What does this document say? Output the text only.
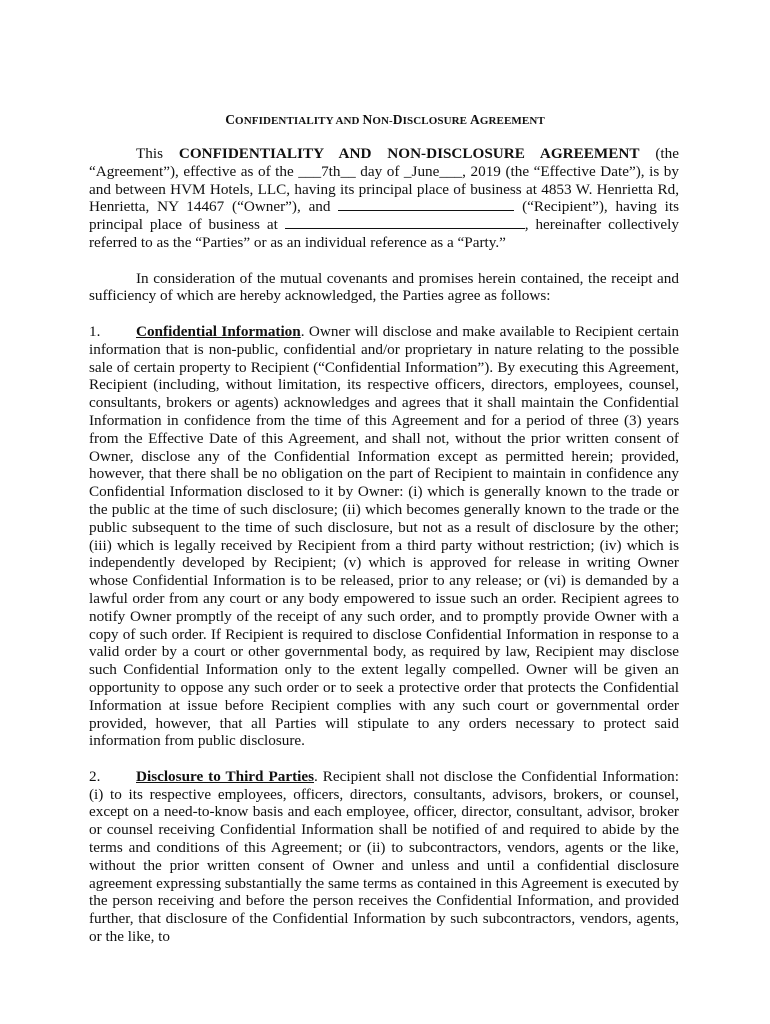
CONFIDENTIALITY AND NON-DISCLOSURE AGREEMENT

This CONFIDENTIALITY AND NON-DISCLOSURE AGREEMENT (the “Agreement”), effective as of the ___7th__ day of _June___, 2019 (the “Effective Date”), is by and between HVM Hotels, LLC, having its principal place of business at 4853 W. Henrietta Rd, Henrietta, NY 14467 (“Owner”), and	(“Recipient”), having its principal place of business at	, hereinafter collectively referred to as the “Parties” or as an individual reference as a “Party.”

In consideration of the mutual covenants and promises herein contained, the receipt and sufficiency of which are hereby acknowledged, the Parties agree as follows:

1. Confidential Information. Owner will disclose and make available to Recipient certain information that is non-public, confidential and/or proprietary in nature relating to the possible sale of certain property to Recipient (“Confidential Information”). By executing this Agreement, Recipient (including, without limitation, its respective officers, directors, employees, counsel, consultants, brokers or agents) acknowledges and agrees that it shall maintain the Confidential Information in confidence from the time of this Agreement and for a period of three (3) years from the Effective Date of this Agreement, and shall not, without the prior written consent of Owner, disclose any of the Confidential Information except as permitted herein; provided, however, that there shall be no obligation on the part of Recipient to maintain in confidence any Confidential Information disclosed to it by Owner: (i) which is generally known to the trade or the public at the time of such disclosure; (ii) which becomes generally known to the trade or the public subsequent to the time of such disclosure, but not as a result of disclosure by the other; (iii) which is legally received by Recipient from a third party without restriction; (iv) which is independently developed by Recipient; (v) which is approved for release in writing Owner whose Confidential Information is to be released, prior to any release; or (vi) is demanded by a lawful order from any court or any body empowered to issue such an order. Recipient agrees to notify Owner promptly of the receipt of any such order, and to promptly provide Owner with a copy of such order. If Recipient is required to disclose Confidential Information in response to a valid order by a court or other governmental body, as required by law, Recipient may disclose such Confidential Information only to the extent legally compelled. Owner will be given an opportunity to oppose any such order or to seek a protective order that protects the Confidential Information at issue before Recipient complies with any such court or governmental order provided, however, that all Parties will stipulate to any orders necessary to protect said information from public disclosure.

2. Disclosure to Third Parties. Recipient shall not disclose the Confidential Information: (i) to its respective employees, officers, directors, consultants, advisors, brokers, or counsel, except on a need-to-know basis and each employee, officer, director, consultant, advisor, broker or counsel receiving Confidential Information shall be notified of and required to abide by the terms and conditions of this Agreement; or (ii) to subcontractors, vendors, agents or the like, without the prior written consent of Owner and unless and until a confidential disclosure agreement expressing substantially the same terms as contained in this Agreement is executed by the person receiving and before the person receives the Confidential Information, and provided further, that disclosure of the Confidential Information by such subcontractors, vendors, agents, or the like, to
